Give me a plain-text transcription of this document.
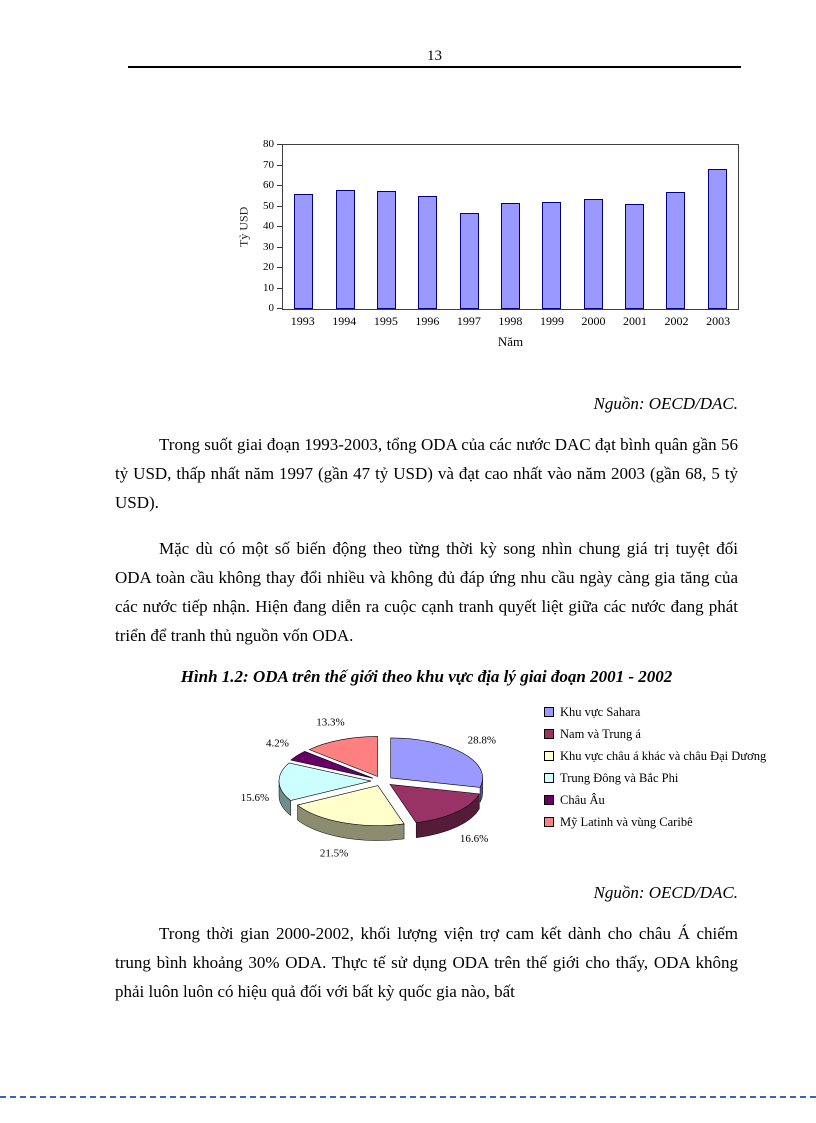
13
Tỷ USD
0
10
20
30
40
50
60
70
80
1993	1994	1995	1996	1997	1998	1999	2000	2001	2002	2003
Năm
Nguồn: OECD/DAC.

Trong suốt giai đoạn 1993-2003, tổng ODA của các nước DAC đạt bình quân gần 56 tỷ USD, thấp nhất năm 1997 (gần 47 tỷ USD) và đạt cao nhất vào năm 2003 (gần 68, 5 tỷ USD).

Mặc dù có một số biến động theo từng thời kỳ song nhìn chung giá trị tuyệt đối ODA toàn cầu không thay đổi nhiều và không đủ đáp ứng nhu cầu ngày càng gia tăng của các nước tiếp nhận. Hiện đang diễn ra cuộc cạnh tranh quyết liệt giữa các nước đang phát triển để tranh thủ nguồn vốn ODA.

Hình 1.2: ODA trên thế giới theo khu vực địa lý giai đoạn 2001 - 2002
28.8%
16.6%
21.5%
15.6%
4.2%
13.3%
Khu vực Sahara
Nam và Trung á
Khu vực châu á khác và châu Đại Dương
Trung Đông và Bắc Phi
Châu Âu
Mỹ Latinh và vùng Caribê
Nguồn: OECD/DAC.

Trong thời gian 2000-2002, khối lượng viện trợ cam kết dành cho châu Á chiếm trung bình khoảng 30% ODA. Thực tế sử dụng ODA trên thế giới cho thấy, ODA không phải luôn luôn có hiệu quả đối với bất kỳ quốc gia nào, bất
